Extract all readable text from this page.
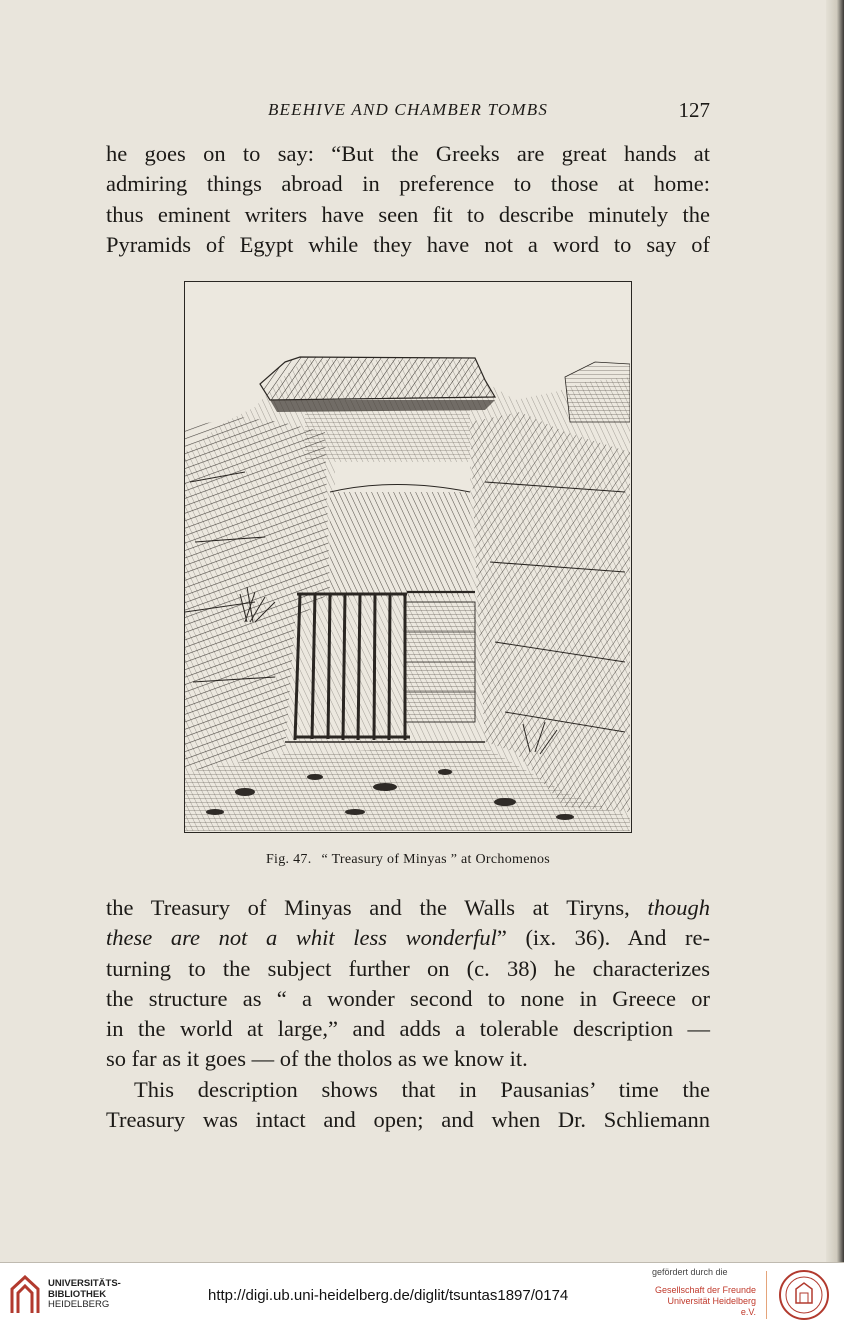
BEEHIVE AND CHAMBER TOMBS	127
he goes on to say: “But the Greeks are great hands at
admiring things abroad in preference to those at home:
thus eminent writers have seen fit to describe minutely the
Pyramids of Egypt while they have not a word to say of
Fig. 47. “ Treasury of Minyas ” at Orchomenos
the Treasury of Minyas and the Walls at Tiryns, though
these are not a whit less wonderful” (ix. 36). And re-
turning to the subject further on (c. 38) he characterizes
the structure as “ a wonder second to none in Greece or
in the world at large,” and adds a tolerable description —
so far as it goes — of the tholos as we know it.
This description shows that in Pausanias’ time the
Treasury was intact and open; and when Dr. Schliemann
UNIVERSITÄTS-
BIBLIOTHEK
HEIDELBERG
http://digi.ub.uni-heidelberg.de/diglit/tsuntas1897/0174
gefördert durch die
Gesellschaft der Freunde
Universität Heidelberg e.V.
